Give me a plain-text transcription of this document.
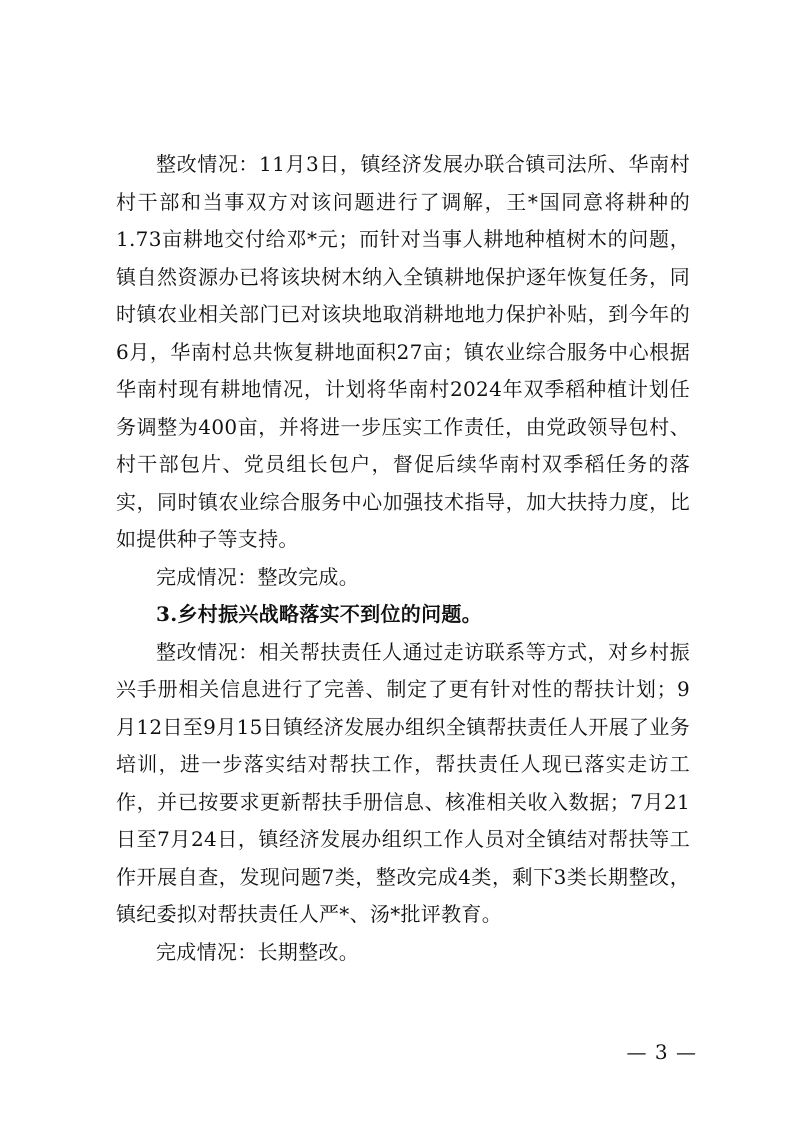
整改情况：11月3日，镇经济发展办联合镇司法所、华南村村干部和当事双方对该问题进行了调解，王*国同意将耕种的1.73亩耕地交付给邓*元；而针对当事人耕地种植树木的问题，镇自然资源办已将该块树木纳入全镇耕地保护逐年恢复任务，同时镇农业相关部门已对该块地取消耕地地力保护补贴，到今年的6月，华南村总共恢复耕地面积27亩；镇农业综合服务中心根据华南村现有耕地情况，计划将华南村2024年双季稻种植计划任务调整为400亩，并将进一步压实工作责任，由党政领导包村、村干部包片、党员组长包户，督促后续华南村双季稻任务的落实，同时镇农业综合服务中心加强技术指导，加大扶持力度，比如提供种子等支持。

完成情况：整改完成。

3.乡村振兴战略落实不到位的问题。

整改情况：相关帮扶责任人通过走访联系等方式，对乡村振兴手册相关信息进行了完善、制定了更有针对性的帮扶计划；9月12日至9月15日镇经济发展办组织全镇帮扶责任人开展了业务培训，进一步落实结对帮扶工作，帮扶责任人现已落实走访工作，并已按要求更新帮扶手册信息、核准相关收入数据；7月21日至7月24日，镇经济发展办组织工作人员对全镇结对帮扶等工作开展自查，发现问题7类，整改完成4类，剩下3类长期整改，镇纪委拟对帮扶责任人严*、汤*批评教育。

完成情况：长期整改。

— 3 —
